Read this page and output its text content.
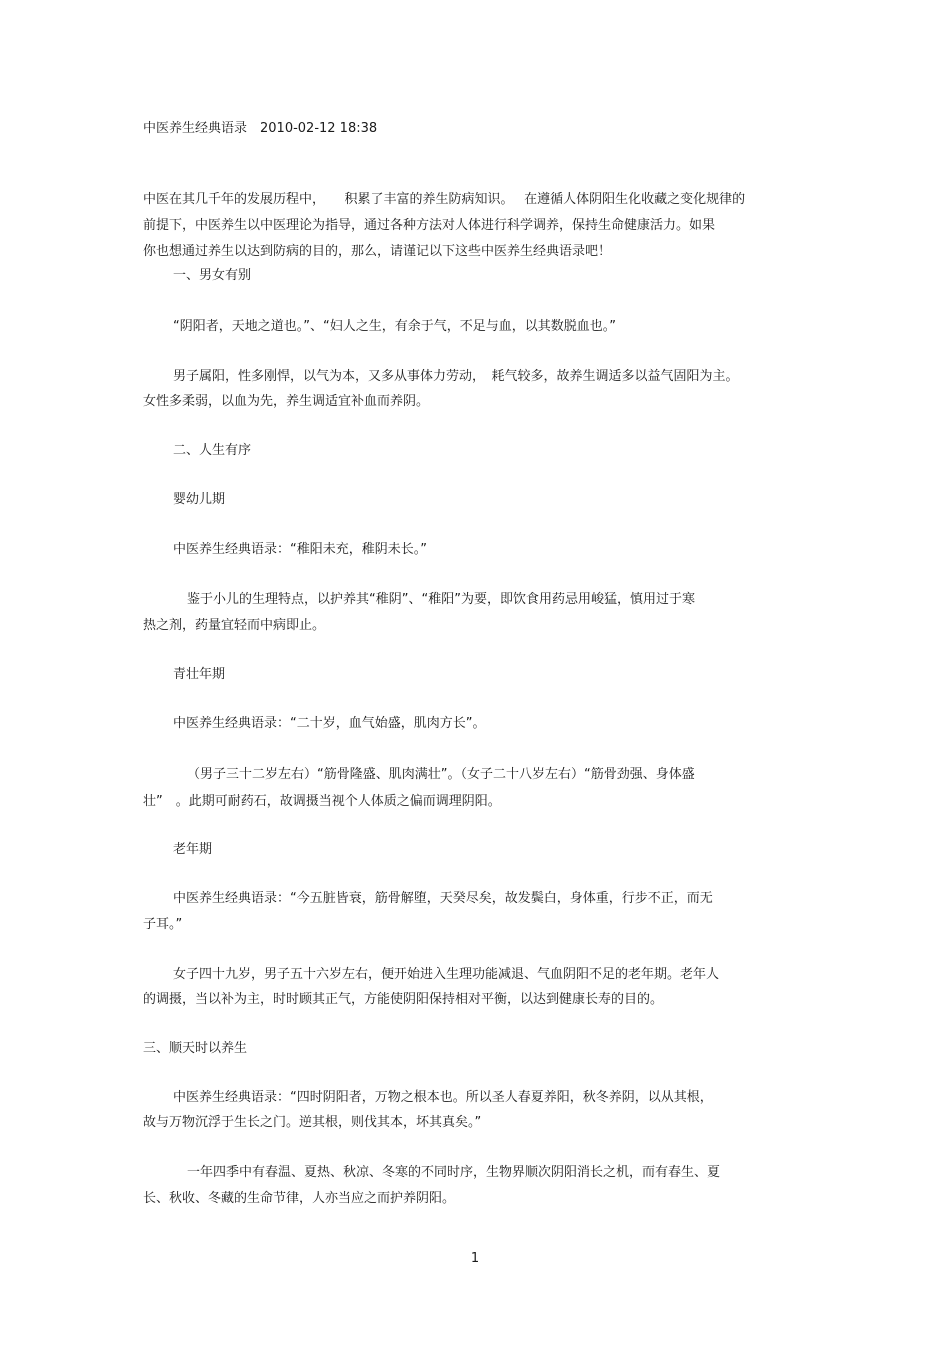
中医养生经典语录　2010-02-12 18:38

中医在其几千年的发展历程中，　　积累了丰富的养生防病知识。　 在遵循人体阴阳生化收藏之变化规律的

前提下，中医养生以中医理论为指导，通过各种方法对人体进行科学调养，保持生命健康活力。如果

你也想通过养生以达到防病的目的，那么，请谨记以下这些中医养生经典语录吧！

一、男女有别

“阴阳者，天地之道也。”、“妇人之生，有余于气，不足与血，以其数脱血也。”

男子属阳，性多刚悍，以气为本，又多从事体力劳动，　耗气较多，故养生调适多以益气固阳为主。

女性多柔弱，以血为先，养生调适宜补血而养阴。

二、人生有序

婴幼儿期

中医养生经典语录：“稚阳未充，稚阴未长。”

鉴于小儿的生理特点，以护养其“稚阴”、“稚阳”为要，即饮食用药忌用峻猛，慎用过于寒

热之剂，药量宜轻而中病即止。

青壮年期

中医养生经典语录：“二十岁，血气始盛，肌肉方长”。

（男子三十二岁左右）“筋骨隆盛、肌肉满壮”。（女子二十八岁左右）“筋骨劲强、身体盛

壮”　。此期可耐药石，故调摄当视个人体质之偏而调理阴阳。

老年期

中医养生经典语录：“今五脏皆衰，筋骨解堕，天癸尽矣，故发鬓白，身体重，行步不正，而无

子耳。”

女子四十九岁，男子五十六岁左右，便开始进入生理功能减退、气血阴阳不足的老年期。老年人

的调摄，当以补为主，时时顾其正气，方能使阴阳保持相对平衡，以达到健康长寿的目的。

三、顺天时以养生

中医养生经典语录：“四时阴阳者，万物之根本也。所以圣人春夏养阳，秋冬养阴，以从其根，

故与万物沉浮于生长之门。逆其根，则伐其本，坏其真矣。”

一年四季中有春温、夏热、秋凉、冬寒的不同时序，生物界顺次阴阳消长之机，而有春生、夏

长、秋收、冬藏的生命节律，人亦当应之而护养阴阳。

1
